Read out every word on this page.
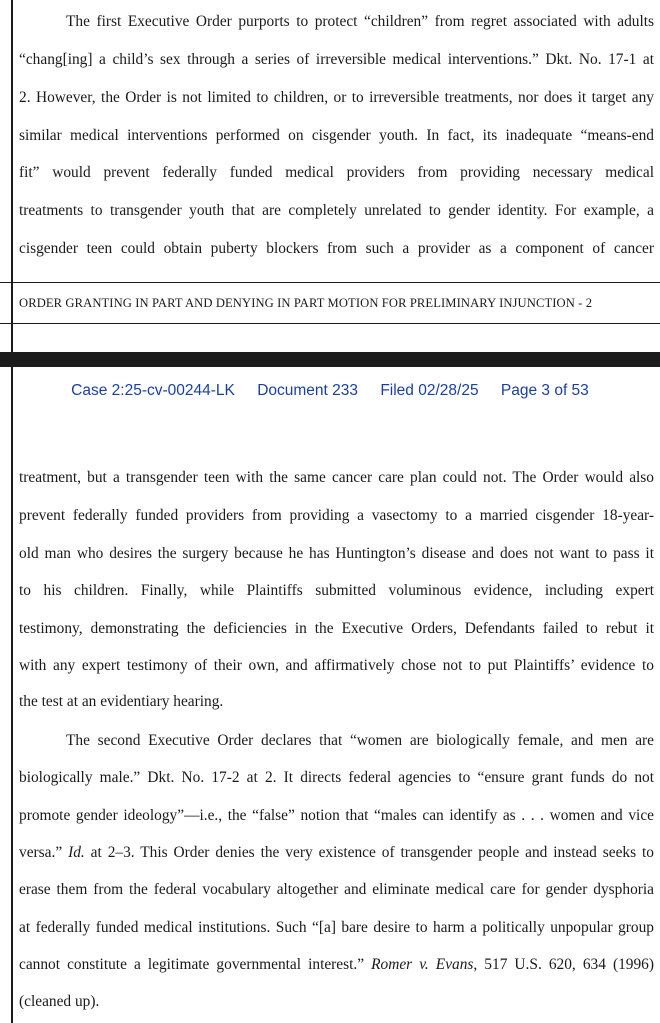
The first Executive Order purports to protect “children” from regret associated with adults
“chang[ing] a child’s sex through a series of irreversible medical interventions.” Dkt. No. 17-1 at
2. However, the Order is not limited to children, or to irreversible treatments, nor does it target any
similar medical interventions performed on cisgender youth. In fact, its inadequate “means-end
fit” would prevent federally funded medical providers from providing necessary medical
treatments to transgender youth that are completely unrelated to gender identity. For example, a
cisgender teen could obtain puberty blockers from such a provider as a component of cancer
ORDER GRANTING IN PART AND DENYING IN PART MOTION FOR PRELIMINARY INJUNCTION - 2
Case 2:25-cv-00244-LK Document 233 Filed 02/28/25 Page 3 of 53
treatment, but a transgender teen with the same cancer care plan could not. The Order would also
prevent federally funded providers from providing a vasectomy to a married cisgender 18-year-
old man who desires the surgery because he has Huntington’s disease and does not want to pass it
to his children. Finally, while Plaintiffs submitted voluminous evidence, including expert
testimony, demonstrating the deficiencies in the Executive Orders, Defendants failed to rebut it
with any expert testimony of their own, and affirmatively chose not to put Plaintiffs’ evidence to
the test at an evidentiary hearing.
The second Executive Order declares that “women are biologically female, and men are
biologically male.” Dkt. No. 17-2 at 2. It directs federal agencies to “ensure grant funds do not
promote gender ideology”—i.e., the “false” notion that “males can identify as . . . women and vice
versa.” Id. at 2–3. This Order denies the very existence of transgender people and instead seeks to
erase them from the federal vocabulary altogether and eliminate medical care for gender dysphoria
at federally funded medical institutions. Such “[a] bare desire to harm a politically unpopular group
cannot constitute a legitimate governmental interest.” Romer v. Evans, 517 U.S. 620, 634 (1996)
(cleaned up).
